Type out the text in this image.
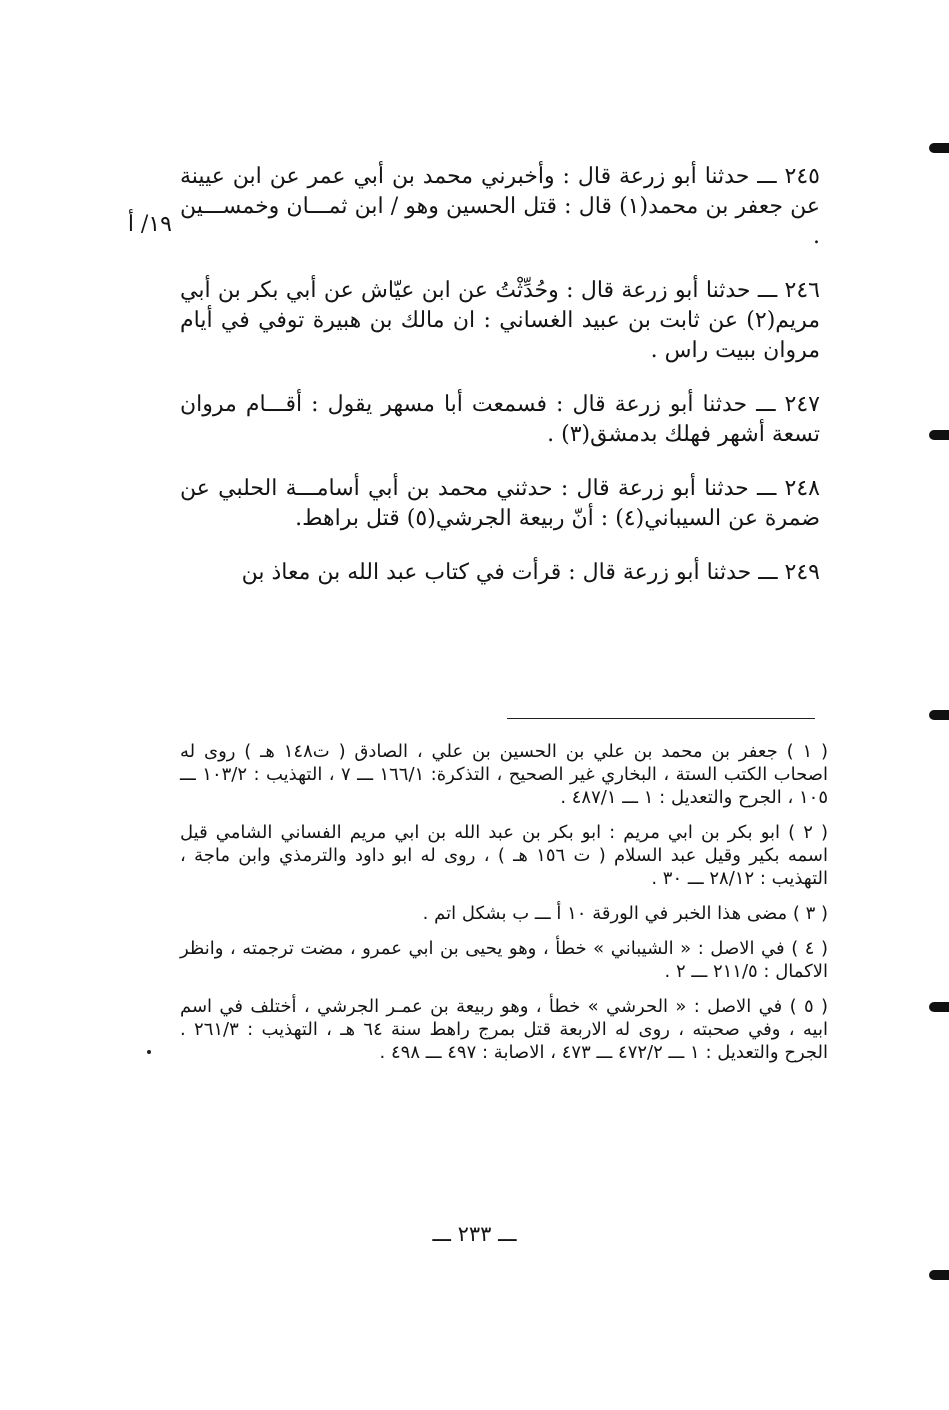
٢٤٥ ـــ حدثنا أبو زرعة قال : وأخبرني محمد بن أبي عمر عن ابن عيينة عن جعفر بن محمد(١) قال : قتل الحسين وهو / ابن ثمـــان وخمســـين .

٢٤٦ ـــ حدثنا أبو زرعة قال : وحُدِّثْتُ عن ابن عيّاش عن أبي بكر بن أبي مريم(٢) عن ثابت بن عبيد الغساني : ان مالك بن هبيرة توفي في أيام مروان ببيت راس .

٢٤٧ ـــ حدثنا أبو زرعة قال : فسمعت أبا مسهر يقول : أقـــام مروان تسعة أشهر فهلك بدمشق(٣) .

٢٤٨ ـــ حدثنا أبو زرعة قال : حدثني محمد بن أبي أسامـــة الحلبي عن ضمرة عن السيباني(٤) : أنّ ربيعة الجرشي(٥) قتل براهط.

٢٤٩ ـــ حدثنا أبو زرعة قال : قرأت في كتاب عبد الله بن معاذ بن

١٩/ أ

( ١ ) جعفر بن محمد بن علي بن الحسين بن علي ، الصادق ( ت١٤٨ هـ ) روى له اصحاب الكتب الستة ، البخاري غير الصحيح ، التذكرة: ١٦٦/١ ـــ ٧ ، التهذيب : ١٠٣/٢ ـــ ١٠٥ ، الجرح والتعديل : ١ ـــ ٤٨٧/١ .

( ٢ ) ابو بكر بن ابي مريم : ابو بكر بن عبد الله بن ابي مريم الفساني الشامي قيل اسمه بكير وقيل عبد السلام ( ت ١٥٦ هـ ) ، روى له ابو داود والترمذي وابن ماجة ، التهذيب : ٢٨/١٢ ـــ ٣٠ .

( ٣ ) مضى هذا الخبر في الورقة ١٠ أ ـــ ب بشكل اتم .

( ٤ ) في الاصل : « الشيباني » خطأ ، وهو يحيى بن ابي عمرو ، مضت ترجمته ، وانظر الاكمال : ٢١١/٥ ـــ ٢ .

( ٥ ) في الاصل : « الحرشي » خطأ ، وهو ربيعة بن عمـر الجرشي ، أختلف في اسم ابيه ، وفي صحبته ، روى له الاربعة قتل بمرج راهط سنة ٦٤ هـ ، التهذيب : ٢٦١/٣ . الجرح والتعديل : ١ ـــ ٤٧٢/٢ ـــ ٤٧٣ ، الاصابة : ٤٩٧ ـــ ٤٩٨ .

ـــ ٢٣٣ ـــ
